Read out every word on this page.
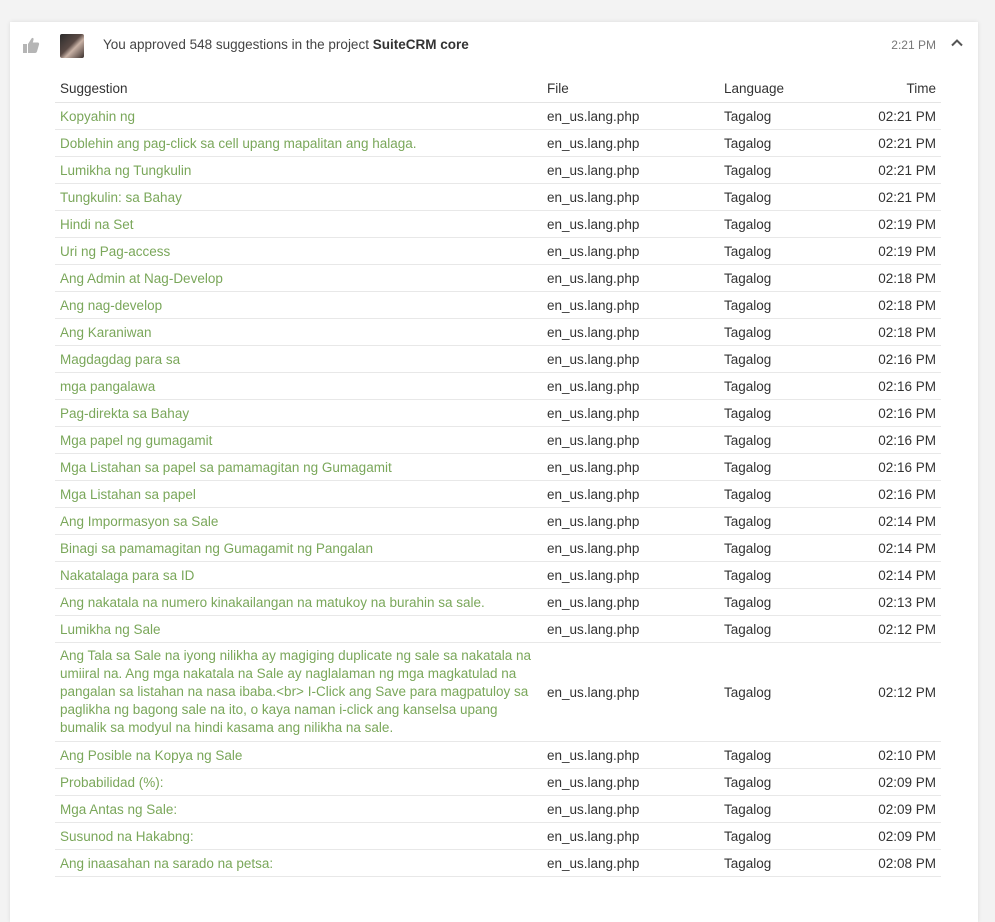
You approved 548 suggestions in the project SuiteCRM core	2:21 PM
Suggestion	File	Language	Time
Kopyahin ng	en_us.lang.php	Tagalog	02:21 PM
Doblehin ang pag-click sa cell upang mapalitan ang halaga.	en_us.lang.php	Tagalog	02:21 PM
Lumikha ng Tungkulin	en_us.lang.php	Tagalog	02:21 PM
Tungkulin: sa Bahay	en_us.lang.php	Tagalog	02:21 PM
Hindi na Set	en_us.lang.php	Tagalog	02:19 PM
Uri ng Pag-access	en_us.lang.php	Tagalog	02:19 PM
Ang Admin at Nag-Develop	en_us.lang.php	Tagalog	02:18 PM
Ang nag-develop	en_us.lang.php	Tagalog	02:18 PM
Ang Karaniwan	en_us.lang.php	Tagalog	02:18 PM
Magdagdag para sa	en_us.lang.php	Tagalog	02:16 PM
mga pangalawa	en_us.lang.php	Tagalog	02:16 PM
Pag-direkta sa Bahay	en_us.lang.php	Tagalog	02:16 PM
Mga papel ng gumagamit	en_us.lang.php	Tagalog	02:16 PM
Mga Listahan sa papel sa pamamagitan ng Gumagamit	en_us.lang.php	Tagalog	02:16 PM
Mga Listahan sa papel	en_us.lang.php	Tagalog	02:16 PM
Ang Impormasyon sa Sale	en_us.lang.php	Tagalog	02:14 PM
Binagi sa pamamagitan ng Gumagamit ng Pangalan	en_us.lang.php	Tagalog	02:14 PM
Nakatalaga para sa ID	en_us.lang.php	Tagalog	02:14 PM
Ang nakatala na numero kinakailangan na matukoy na burahin sa sale.	en_us.lang.php	Tagalog	02:13 PM
Lumikha ng Sale	en_us.lang.php	Tagalog	02:12 PM
Ang Tala sa Sale na iyong nilikha ay magiging duplicate ng sale sa nakatala na umiiral na. Ang mga nakatala na Sale ay naglalaman ng mga magkatulad na pangalan sa listahan na nasa ibaba.<br> I-Click ang Save para magpatuloy sa paglikha ng bagong sale na ito, o kaya naman i-click ang kanselsa upang bumalik sa modyul na hindi kasama ang nilikha na sale.	en_us.lang.php	Tagalog	02:12 PM
Ang Posible na Kopya ng Sale	en_us.lang.php	Tagalog	02:10 PM
Probabilidad (%):	en_us.lang.php	Tagalog	02:09 PM
Mga Antas ng Sale:	en_us.lang.php	Tagalog	02:09 PM
Susunod na Hakabng:	en_us.lang.php	Tagalog	02:09 PM
Ang inaasahan na sarado na petsa:	en_us.lang.php	Tagalog	02:08 PM
